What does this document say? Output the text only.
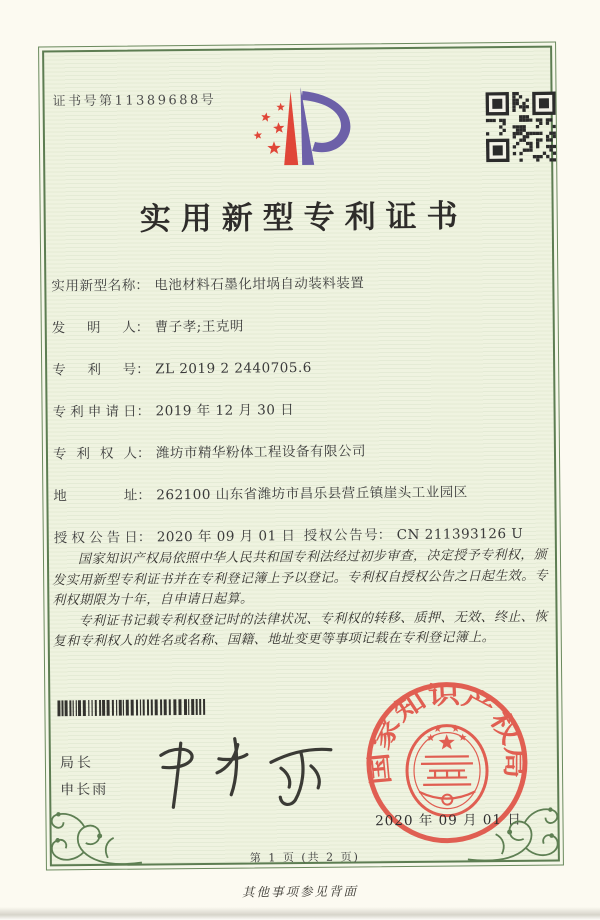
证书号第11389688号
实用新型专利证书
实用新型名称： 电池材料石墨化坩埚自动装料装置
发明人： 曹子孝;王克明
专利号： ZL 2019 2 2440705.6
专利申请日： 2019 年 12 月 30 日
专利权人： 潍坊市精华粉体工程设备有限公司
地址： 262100 山东省潍坊市昌乐县营丘镇崖头工业园区
授权公告日： 2020 年 09 月 01 日 授权公告号： CN 211393126 U

国家知识产权局依照中华人民共和国专利法经过初步审查，决定授予专利权，颁发实用新型专利证书并在专利登记簿上予以登记。专利权自授权公告之日起生效。专利权期限为十年，自申请日起算。

专利证书记载专利权登记时的法律状况、专利权的转移、质押、无效、终止、恢复和专利权人的姓名或名称、国籍、地址变更等事项记载在专利登记簿上。

局长
申长雨
国家知识产权局
2020 年 09 月 01 日
第 1 页 (共 2 页)
其他事项参见背面
